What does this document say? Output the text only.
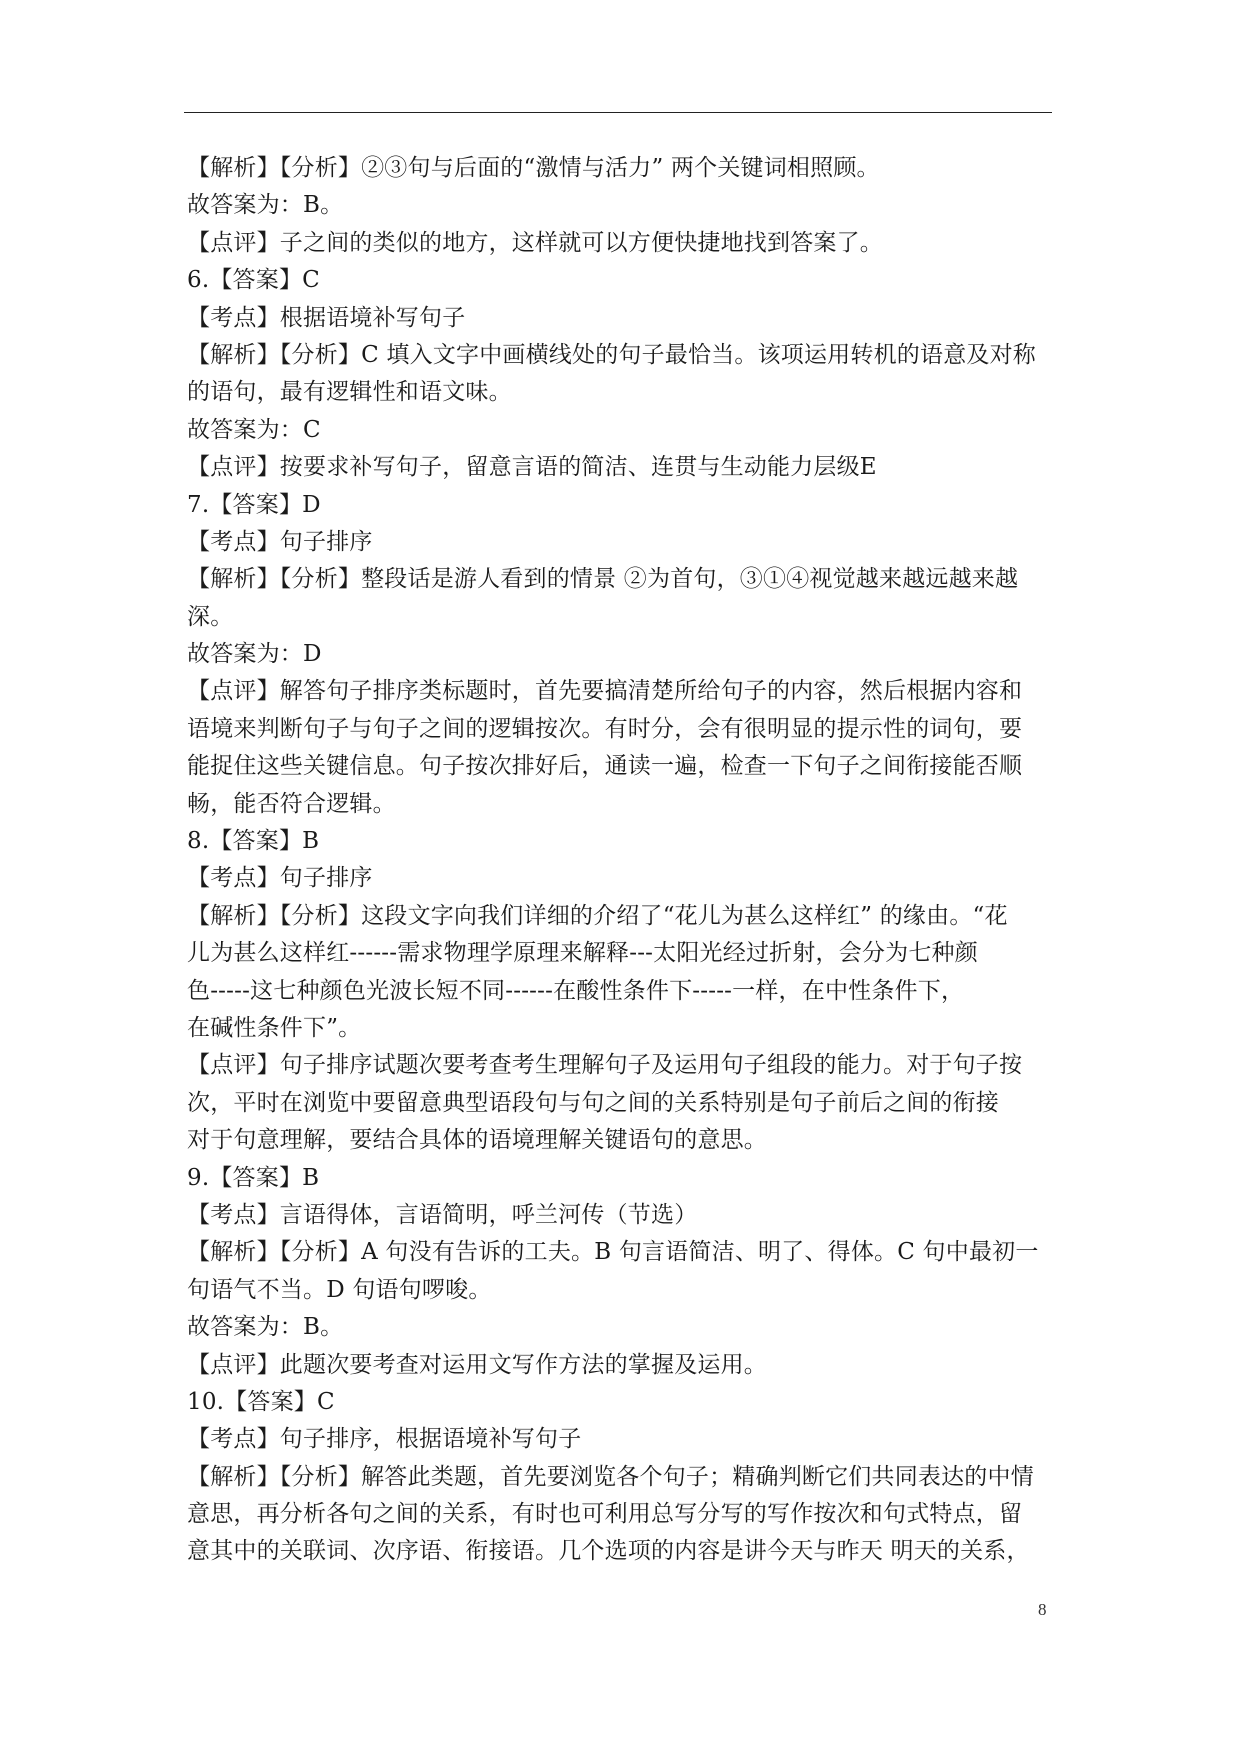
【解析】【分析】②③句与后面的“激情与活力” 两个关键词相照顾。
故答案为：B。
【点评】子之间的类似的地方，这样就可以方便快捷地找到答案了。
6.【答案】C
【考点】根据语境补写句子
【解析】【分析】C 填入文字中画横线处的句子最恰当。该项运用转机的语意及对称
的语句，最有逻辑性和语文味。
故答案为：C
【点评】按要求补写句子，留意言语的简洁、连贯与生动能力层级E
7.【答案】D
【考点】句子排序
【解析】【分析】整段话是游人看到的情景 ②为首句，③①④视觉越来越远越来越
深。
故答案为：D
【点评】解答句子排序类标题时，首先要搞清楚所给句子的内容，然后根据内容和
语境来判断句子与句子之间的逻辑按次。有时分，会有很明显的提示性的词句，要
能捉住这些关键信息。句子按次排好后，通读一遍，检查一下句子之间衔接能否顺
畅，能否符合逻辑。
8.【答案】B
【考点】句子排序
【解析】【分析】这段文字向我们详细的介绍了“花儿为甚么这样红” 的缘由。“花
儿为甚么这样红------需求物理学原理来解释---太阳光经过折射，会分为七种颜
色-----这七种颜色光波长短不同------在酸性条件下-----一样，在中性条件下，
在碱性条件下”。
【点评】句子排序试题次要考查考生理解句子及运用句子组段的能力。对于句子按
次，平时在浏览中要留意典型语段句与句之间的关系特别是句子前后之间的衔接
对于句意理解，要结合具体的语境理解关键语句的意思。
9.【答案】B
【考点】言语得体，言语简明，呼兰河传（节选）
【解析】【分析】A 句没有告诉的工夫。B 句言语简洁、明了、得体。C 句中最初一
句语气不当。D 句语句啰唆。
故答案为：B。
【点评】此题次要考查对运用文写作方法的掌握及运用。
10.【答案】C
【考点】句子排序，根据语境补写句子
【解析】【分析】解答此类题，首先要浏览各个句子；精确判断它们共同表达的中情
意思，再分析各句之间的关系，有时也可利用总写分写的写作按次和句式特点，留
意其中的关联词、次序语、衔接语。几个选项的内容是讲今天与昨天 明天的关系，
8
